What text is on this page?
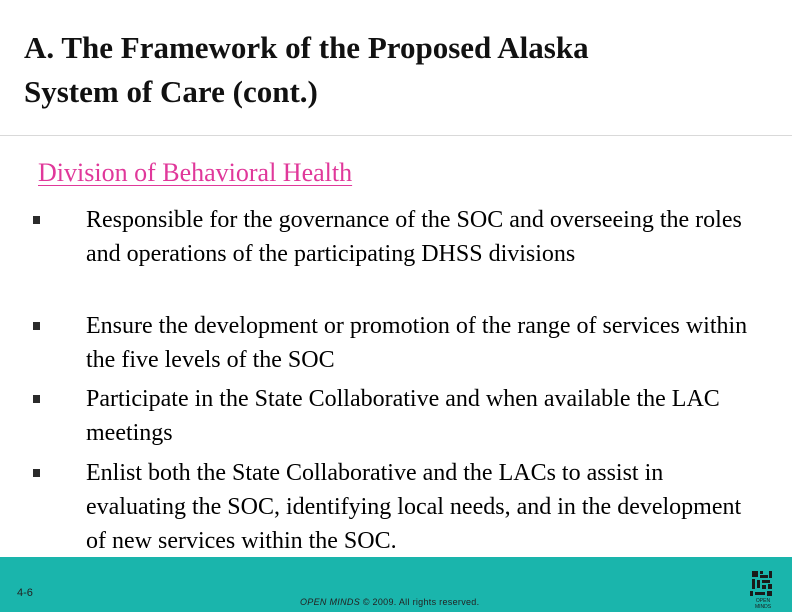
A. The Framework of the Proposed Alaska
System of Care (cont.)
Division of Behavioral Health
Responsible for the governance of the SOC and overseeing the roles and operations of the participating DHSS divisions
Ensure the development or promotion of the range of services within the five levels of the SOC
Participate in the State Collaborative and when available the LAC meetings
Enlist both the State Collaborative and the LACs to assist in evaluating the SOC, identifying local needs, and in the development of new services within the SOC.
4-6
OPEN MINDS © 2009. All rights reserved.	OPEN
MINDS
